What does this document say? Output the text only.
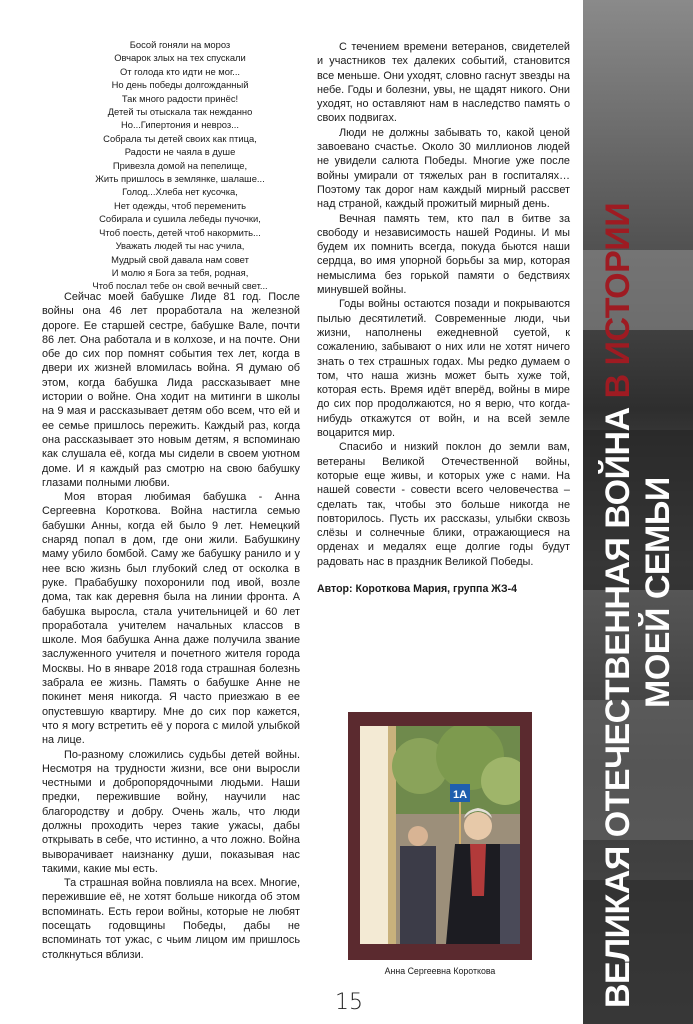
Босой гоняли на мороз
Овчарок злых на тех спускали
От голода кто идти не мог...
Но день победы долгожданный
Так много радости принёс!
Детей ты отыскала так нежданно
Но...Гипертония и невроз...
Собрала ты детей своих как птица,
Радости не чаяла в душе
Привезла домой на пепелище,
Жить пришлось в землянке, шалаше...
Голод...Хлеба нет кусочка,
Нет одежды, чтоб переменить
Собирала и сушила лебеды пучочки,
Чтоб поесть, детей чтоб накормить...
Уважать людей ты нас учила,
Мудрый свой давала нам совет
И молю я Бога за тебя, родная,
Чтоб послал тебе он свой вечный свет...

Сейчас моей бабушке Лиде 81 год. После войны она 46 лет проработала на железной дороге. Ее старшей сестре, бабушке Вале, почти 86 лет. Она работала и в колхозе, и на почте. Они обе до сих пор помнят события тех лет, когда в двери их жизней вломилась война. Я думаю об этом, когда бабушка Лида рассказывает мне истории о войне. Она ходит на митинги в школы на 9 мая и рассказывает детям обо всем, что ей и ее семье пришлось пережить. Каждый раз, когда она рассказывает это новым детям, я вспоминаю как слушала её, когда мы сидели в своем уютном доме. И я каждый раз смотрю на свою бабушку глазами полными любви.

Моя вторая любимая бабушка - Анна Сергеевна Короткова. Война настигла семью бабушки Анны, когда ей было 9 лет. Немецкий снаряд попал в дом, где они жили. Бабушкину маму убило бомбой. Саму же бабушку ранило и у нее всю жизнь был глубокий след от осколка в руке. Прабабушку похоронили под ивой, возле дома, так как деревня была на линии фронта. А бабушка выросла, стала учительницей и 60 лет проработала учителем начальных классов в школе. Моя бабушка Анна даже получила звание заслуженного учителя и почетного жителя города Москвы. Но в январе 2018 года страшная болезнь забрала ее жизнь. Память о бабушке Анне не покинет меня никогда. Я часто приезжаю в ее опустевшую квартиру. Мне до сих пор кажется, что я могу встретить её у порога с милой улыбкой на лице.

По-разному сложились судьбы детей войны. Несмотря на трудности жизни, все они выросли честными и добропорядочными людьми. Наши предки, пережившие войну, научили нас благородству и добру. Очень жаль, что люди должны проходить через такие ужасы, дабы открывать в себе, что истинно, а что ложно. Война выворачивает наизнанку души, показывая нас такими, какие мы есть.

Та страшная война повлияла на всех. Многие, пережившие её, не хотят больше никогда об этом вспоминать. Есть герои войны, которые не любят посещать годовщины Победы, дабы не вспоминать тот ужас, с чьим лицом им пришлось столкнуться вблизи.

С течением времени ветеранов, свидетелей и участников тех далеких событий, становится все меньше. Они уходят, словно гаснут звезды на небе. Годы и болезни, увы, не щадят никого. Они уходят, но оставляют нам в наследство память о своих подвигах.

Люди не должны забывать то, какой ценой завоевано счастье. Около 30 миллионов людей не увидели салюта Победы. Многие уже после войны умирали от тяжелых ран в госпиталях… Поэтому так дорог нам каждый мирный рассвет над страной, каждый прожитый мирный день.

Вечная память тем, кто пал в битве за свободу и независимость нашей Родины. И мы будем их помнить всегда, покуда бьются наши сердца, во имя упорной борьбы за мир, которая немыслима без горькой памяти о бедствиях минувшей войны.

Годы войны остаются позади и покрываются пылью десятилетий. Современные люди, чьи жизни, наполнены ежедневной суетой, к сожалению, забывают о них или не хотят ничего знать о тех страшных годах. Мы редко думаем о том, что наша жизнь может быть хуже той, которая есть. Время идёт вперёд, войны в мире до сих пор продолжаются, но я верю, что когда-нибудь откажутся от войн, и на всей земле воцарится мир.

Спасибо и низкий поклон до земли вам, ветераны Великой Отечественной войны, которые еще живы, и которых уже с нами. На нашей совести - совести всего человечества – сделать так, чтобы это больше никогда не повторилось. Пусть их рассказы, улыбки сквозь слёзы и солнечные блики, отражающиеся на орденах и медалях еще долгие годы будут радовать нас в праздник Великой Победы.

Автор: Короткова Мария, группа ЖЗ-4

1А
Анна Сергеевна Короткова
15	ВЕЛИКАЯ ОТЕЧЕСТВЕННАЯ ВОЙНА В ИСТОРИИ
МОЕЙ СЕМЬИ
